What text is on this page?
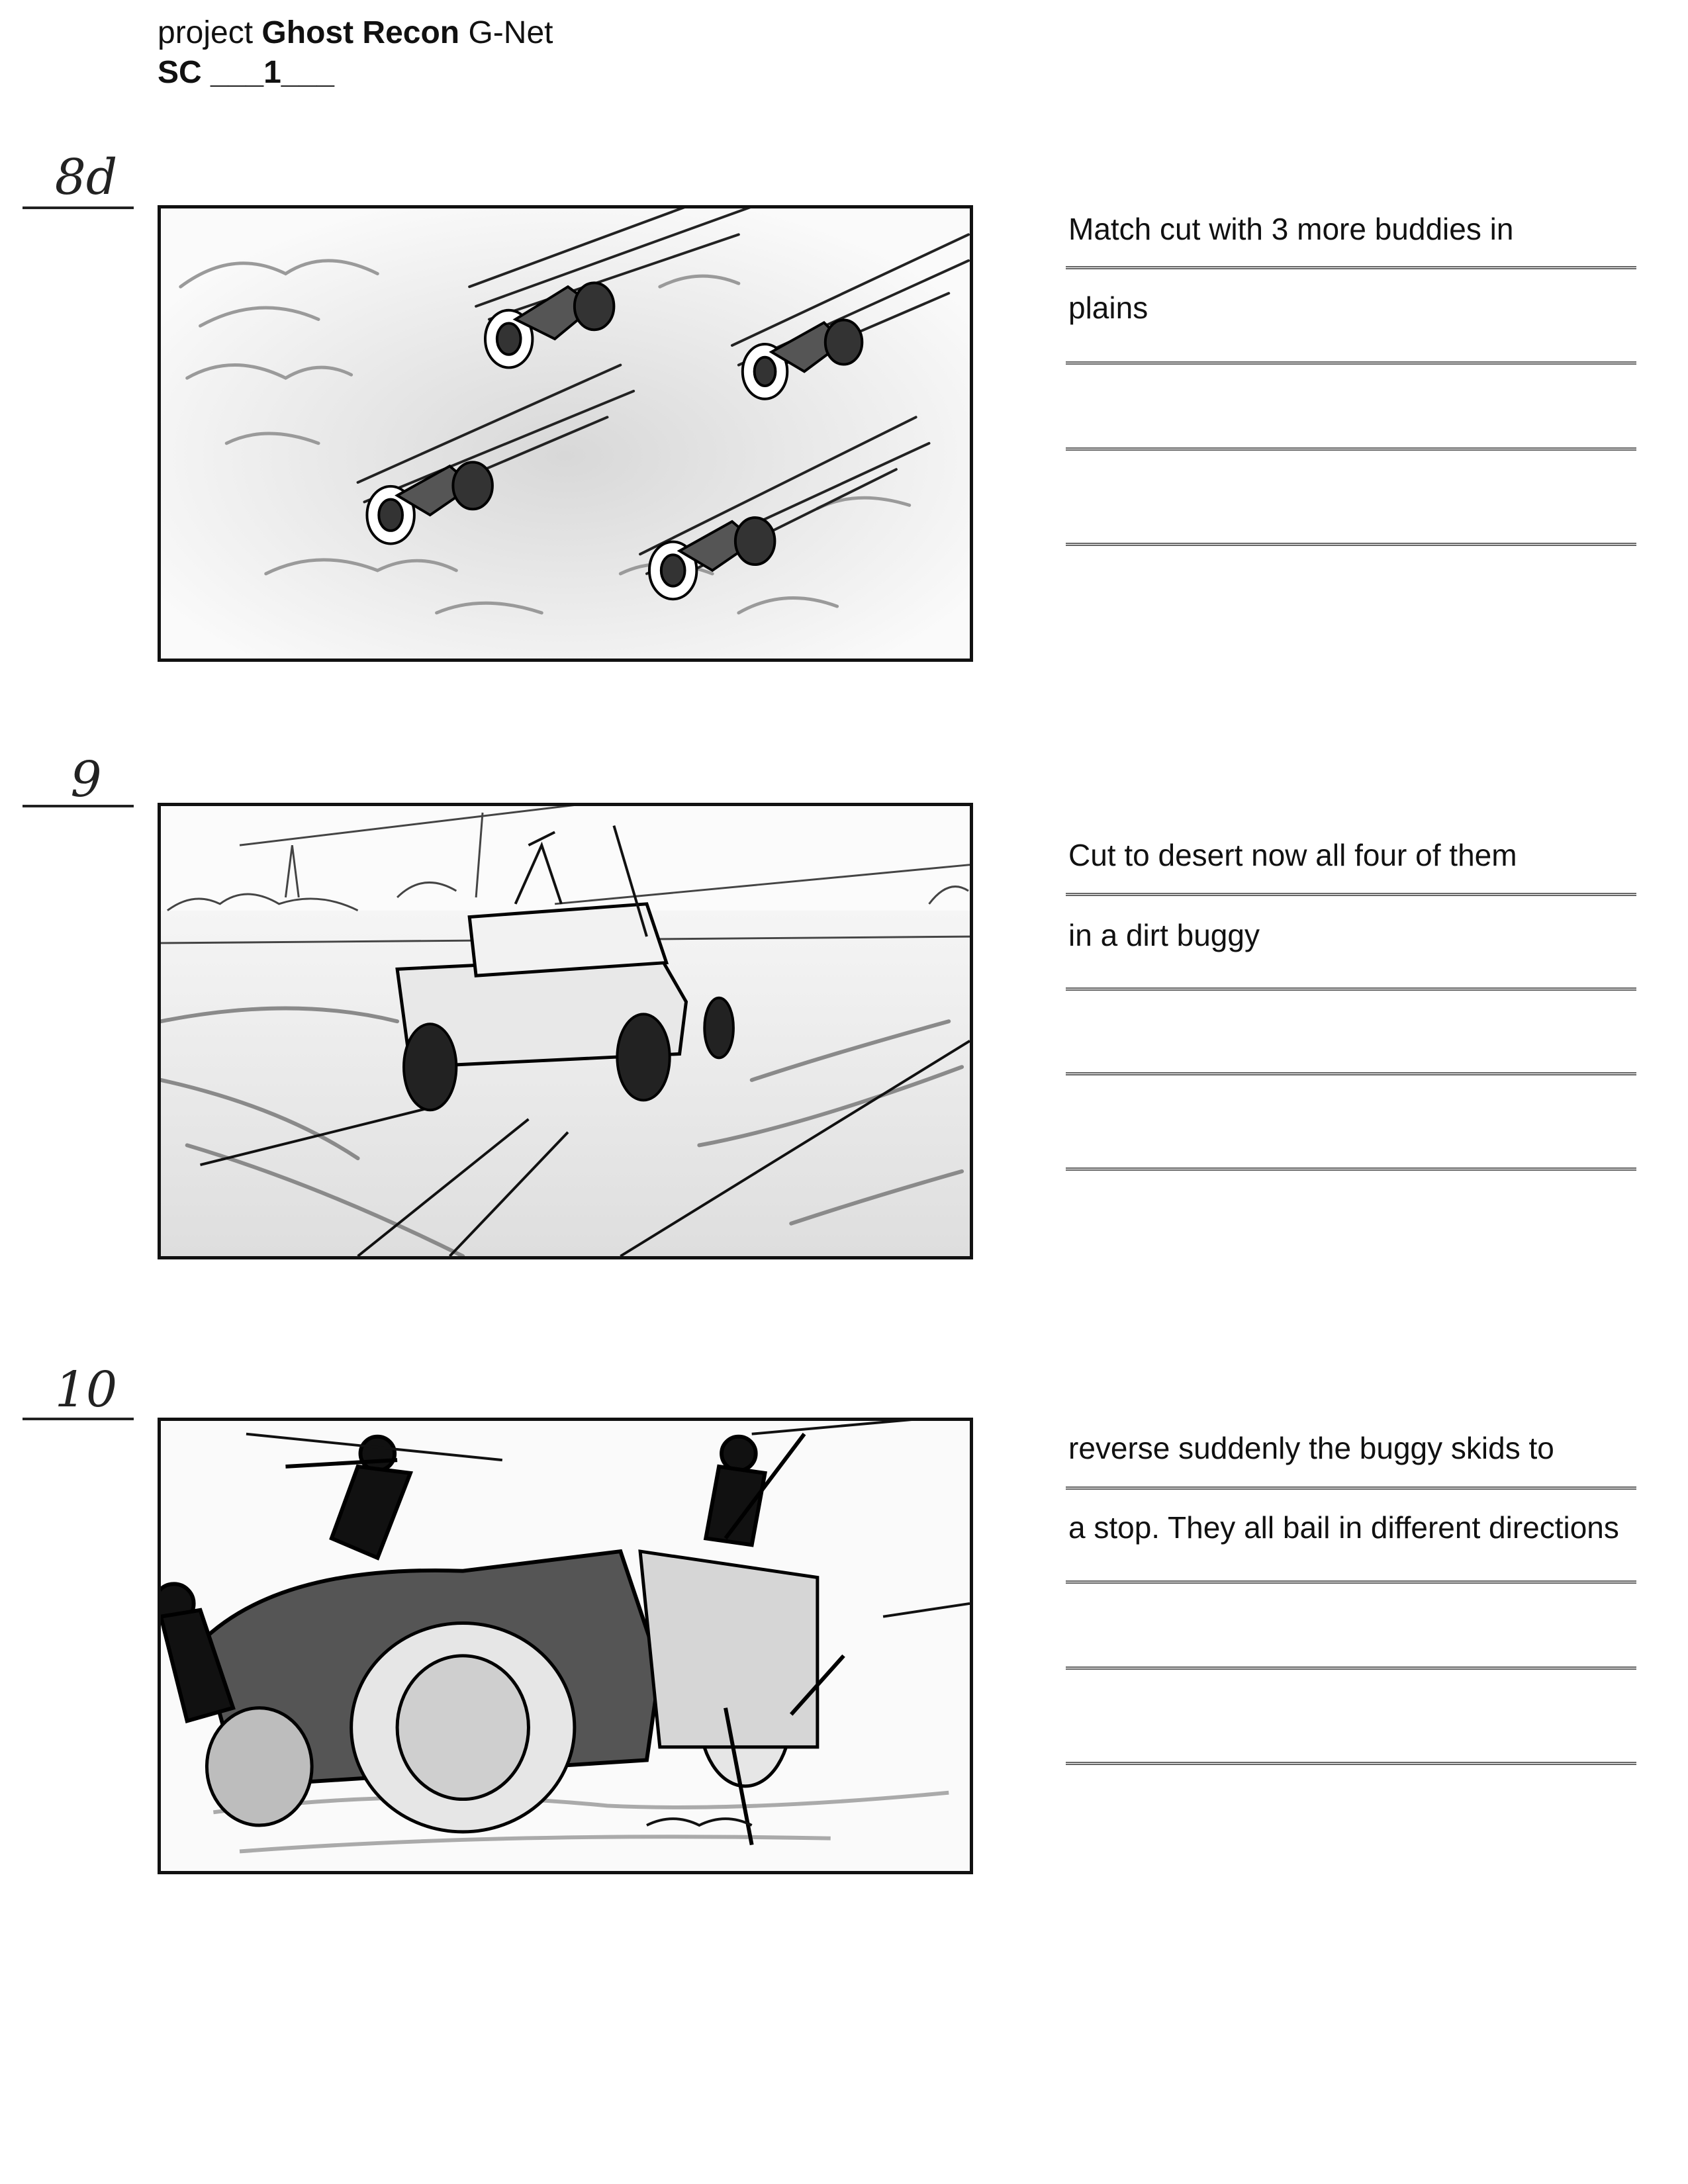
project Ghost Recon G-Net
SC ___1___
8d
Match cut with 3 more buddies in
plains
9
Cut to desert now all four of them
in a dirt buggy
10
reverse suddenly the buggy skids to
a stop. They all bail in different directions
